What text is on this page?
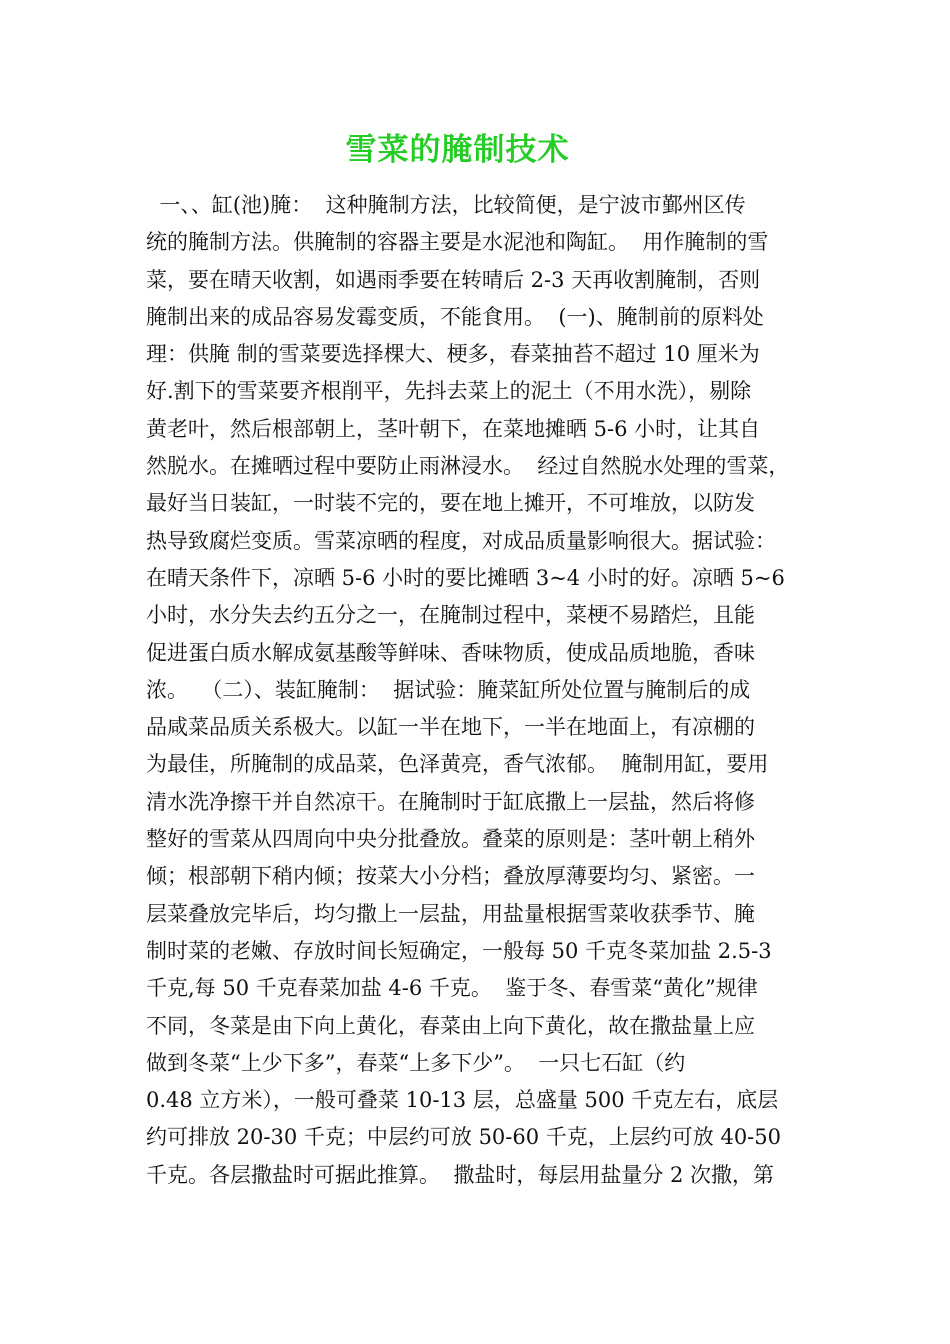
雪菜的腌制技术
一、、缸(池)腌：  这种腌制方法，比较简便，是宁波市鄞州区传
统的腌制方法。供腌制的容器主要是水泥池和陶缸。  用作腌制的雪
菜，要在晴天收割，如遇雨季要在转晴后 2-3 天再收割腌制，否则
腌制出来的成品容易发霉变质，不能食用。  (一)、腌制前的原料处
理：供腌 制的雪菜要选择棵大、梗多，春菜抽苔不超过 10 厘米为
好.割下的雪菜要齐根削平，先抖去菜上的泥土（不用水洗），剔除
黄老叶，然后根部朝上，茎叶朝下，在菜地摊晒 5-6 小时，让其自
然脱水。在摊晒过程中要防止雨淋浸水。  经过自然脱水处理的雪菜，
最好当日装缸，一时装不完的，要在地上摊开，不可堆放，以防发
热导致腐烂变质。雪菜凉晒的程度，对成品质量影响很大。据试验：
在晴天条件下，凉晒 5-6 小时的要比摊晒 3~4 小时的好。凉晒 5~6
小时，水分失去约五分之一，在腌制过程中，菜梗不易踏烂，且能
促进蛋白质水解成氨基酸等鲜味、香味物质，使成品质地脆，香味
浓。  （二）、装缸腌制：  据试验：腌菜缸所处位置与腌制后的成
品咸菜品质关系极大。以缸一半在地下，一半在地面上，有凉棚的
为最佳，所腌制的成品菜，色泽黄亮，香气浓郁。  腌制用缸，要用
清水洗净擦干并自然凉干。在腌制时于缸底撒上一层盐，然后将修
整好的雪菜从四周向中央分批叠放。叠菜的原则是：茎叶朝上稍外
倾；根部朝下稍内倾；按菜大小分档；叠放厚薄要均匀、紧密。一
层菜叠放完毕后，均匀撒上一层盐，用盐量根据雪菜收获季节、腌
制时菜的老嫩、存放时间长短确定，一般每 50 千克冬菜加盐 2.5-3
千克,每 50 千克春菜加盐 4-6 千克。  鉴于冬、春雪菜“黄化”规律
不同，冬菜是由下向上黄化，春菜由上向下黄化，故在撒盐量上应
做到冬菜“上少下多”，春菜“上多下少”。  一只七石缸（约
0.48 立方米），一般可叠菜 10-13 层，总盛量 500 千克左右，底层
约可排放 20-30 千克；中层约可放 50-60 千克，上层约可放 40-50
千克。各层撒盐时可据此推算。  撒盐时，每层用盐量分 2 次撒，第
